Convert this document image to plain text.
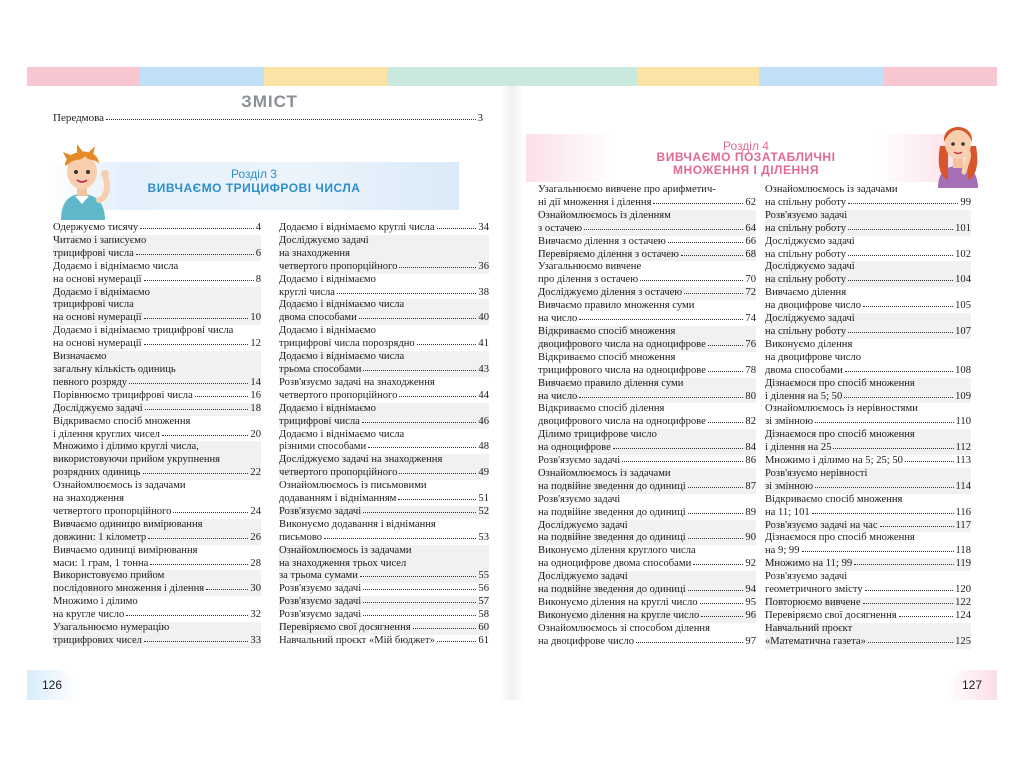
ЗМІСТ
Передмова	3
Розділ 3
ВИВЧАЄМО ТРИЦИФРОВІ ЧИСЛА
Одержуємо тисячу	4
Читаємо і записуємо
трицифрові числа	6
Додаємо і віднімаємо числа
на основі нумерації	8
Додаємо і віднімаємо
трицифрові числа
на основі нумерації	10
Додаємо і віднімаємо трицифрові числа
на основі нумерації	12
Визначаємо
загальну кількість одиниць
певного розряду	14
Порівнюємо трицифрові числа	16
Досліджуємо задачі	18
Відкриваємо спосіб множення
і ділення круглих чисел	20
Множимо і ділимо круглі числа,
використовуючи прийом укрупнення
розрядних одиниць	22
Ознайомлюємось із задачами
на знаходження
четвертого пропорційного	24
Вивчаємо одиницю вимірювання
довжини: 1 кілометр	26
Вивчаємо одиниці вимірювання
маси: 1 грам, 1 тонна	28
Використовуємо прийом
послідовного множення і ділення	30
Множимо і ділимо
на кругле число	32
Узагальнюємо нумерацію
трицифрових чисел	33
Додаємо і віднімаємо круглі числа	34
Досліджуємо задачі
на знаходження
четвертого пропорційного	36
Додаємо і віднімаємо
круглі числа	38
Додаємо і віднімаємо числа
двома способами	40
Додаємо і віднімаємо
трицифрові числа порозрядно	41
Додаємо і віднімаємо числа
трьома способами	43
Розв'язуємо задачі на знаходження
четвертого пропорційного	44
Додаємо і віднімаємо
трицифрові числа	46
Додаємо і віднімаємо числа
різними способами	48
Досліджуємо задачі на знаходження
четвертого пропорційного	49
Ознайомлюємось із письмовими
додаванням і відніманням	51
Розв'язуємо задачі	52
Виконуємо додавання і віднімання
письмово	53
Ознайомлюємось із задачами
на знаходження трьох чисел
за трьома сумами	55
Розв'язуємо задачі	56
Розв'язуємо задачі	57
Розв'язуємо задачі	58
Перевіряємо свої досягнення	60
Навчальний проєкт «Мій бюджет»	61
126
Розділ 4
ВИВЧАЄМО ПОЗАТАБЛИЧНІ
МНОЖЕННЯ І ДІЛЕННЯ
Узагальнюємо вивчене про арифметич-
ні дії множення і ділення	62
Ознайомлюємось із діленням
з остачею	64
Вивчаємо ділення з остачею	66
Перевіряємо ділення з остачею	68
Узагальнюємо вивчене
про ділення з остачею	70
Досліджуємо ділення з остачею	72
Вивчаємо правило множення суми
на число	74
Відкриваємо спосіб множення
двоцифрового числа на одноцифрове	76
Відкриваємо спосіб множення
трицифрового числа на одноцифрове	78
Вивчаємо правило ділення суми
на число	80
Відкриваємо спосіб ділення
двоцифрового числа на одноцифрове	82
Ділимо трицифрове число
на одноцифрове	84
Розв'язуємо задачі	86
Ознайомлюємось із задачами
на подвійне зведення до одиниці	87
Розв'язуємо задачі
на подвійне зведення до одиниці	89
Досліджуємо задачі
на подвійне зведення до одиниці	90
Виконуємо ділення круглого числа
на одноцифрове двома способами	92
Досліджуємо задачі
на подвійне зведення до одиниці	94
Виконуємо ділення на круглі число	95
Виконуємо ділення на кругле число	96
Ознайомлюємось зі способом ділення
на двоцифрове число	97
Ознайомлюємось із задачами
на спільну роботу	99
Розв'язуємо задачі
на спільну роботу	101
Досліджуємо задачі
на спільну роботу	102
Досліджуємо задачі
на спільну роботу	104
Вивчаємо ділення
на двоцифрове число	105
Досліджуємо задачі
на спільну роботу	107
Виконуємо ділення
на двоцифрове число
двома способами	108
Дізнаємося про спосіб множення
і ділення на 5; 50	109
Ознайомлюємось із нерівностями
зі змінною	110
Дізнаємося про спосіб множення
і ділення на 25	112
Множимо і ділимо на 5; 25; 50	113
Розв'язуємо нерівності
зі змінною	114
Відкриваємо спосіб множення
на 11; 101	116
Розв'язуємо задачі на час	117
Дізнаємося про спосіб множення
на 9; 99	118
Множимо на 11; 99	119
Розв'язуємо задачі
геометричного змісту	120
Повторюємо вивчене	122
Перевіряємо свої досягнення	124
Навчальний проєкт
«Математична газета»	125
127
